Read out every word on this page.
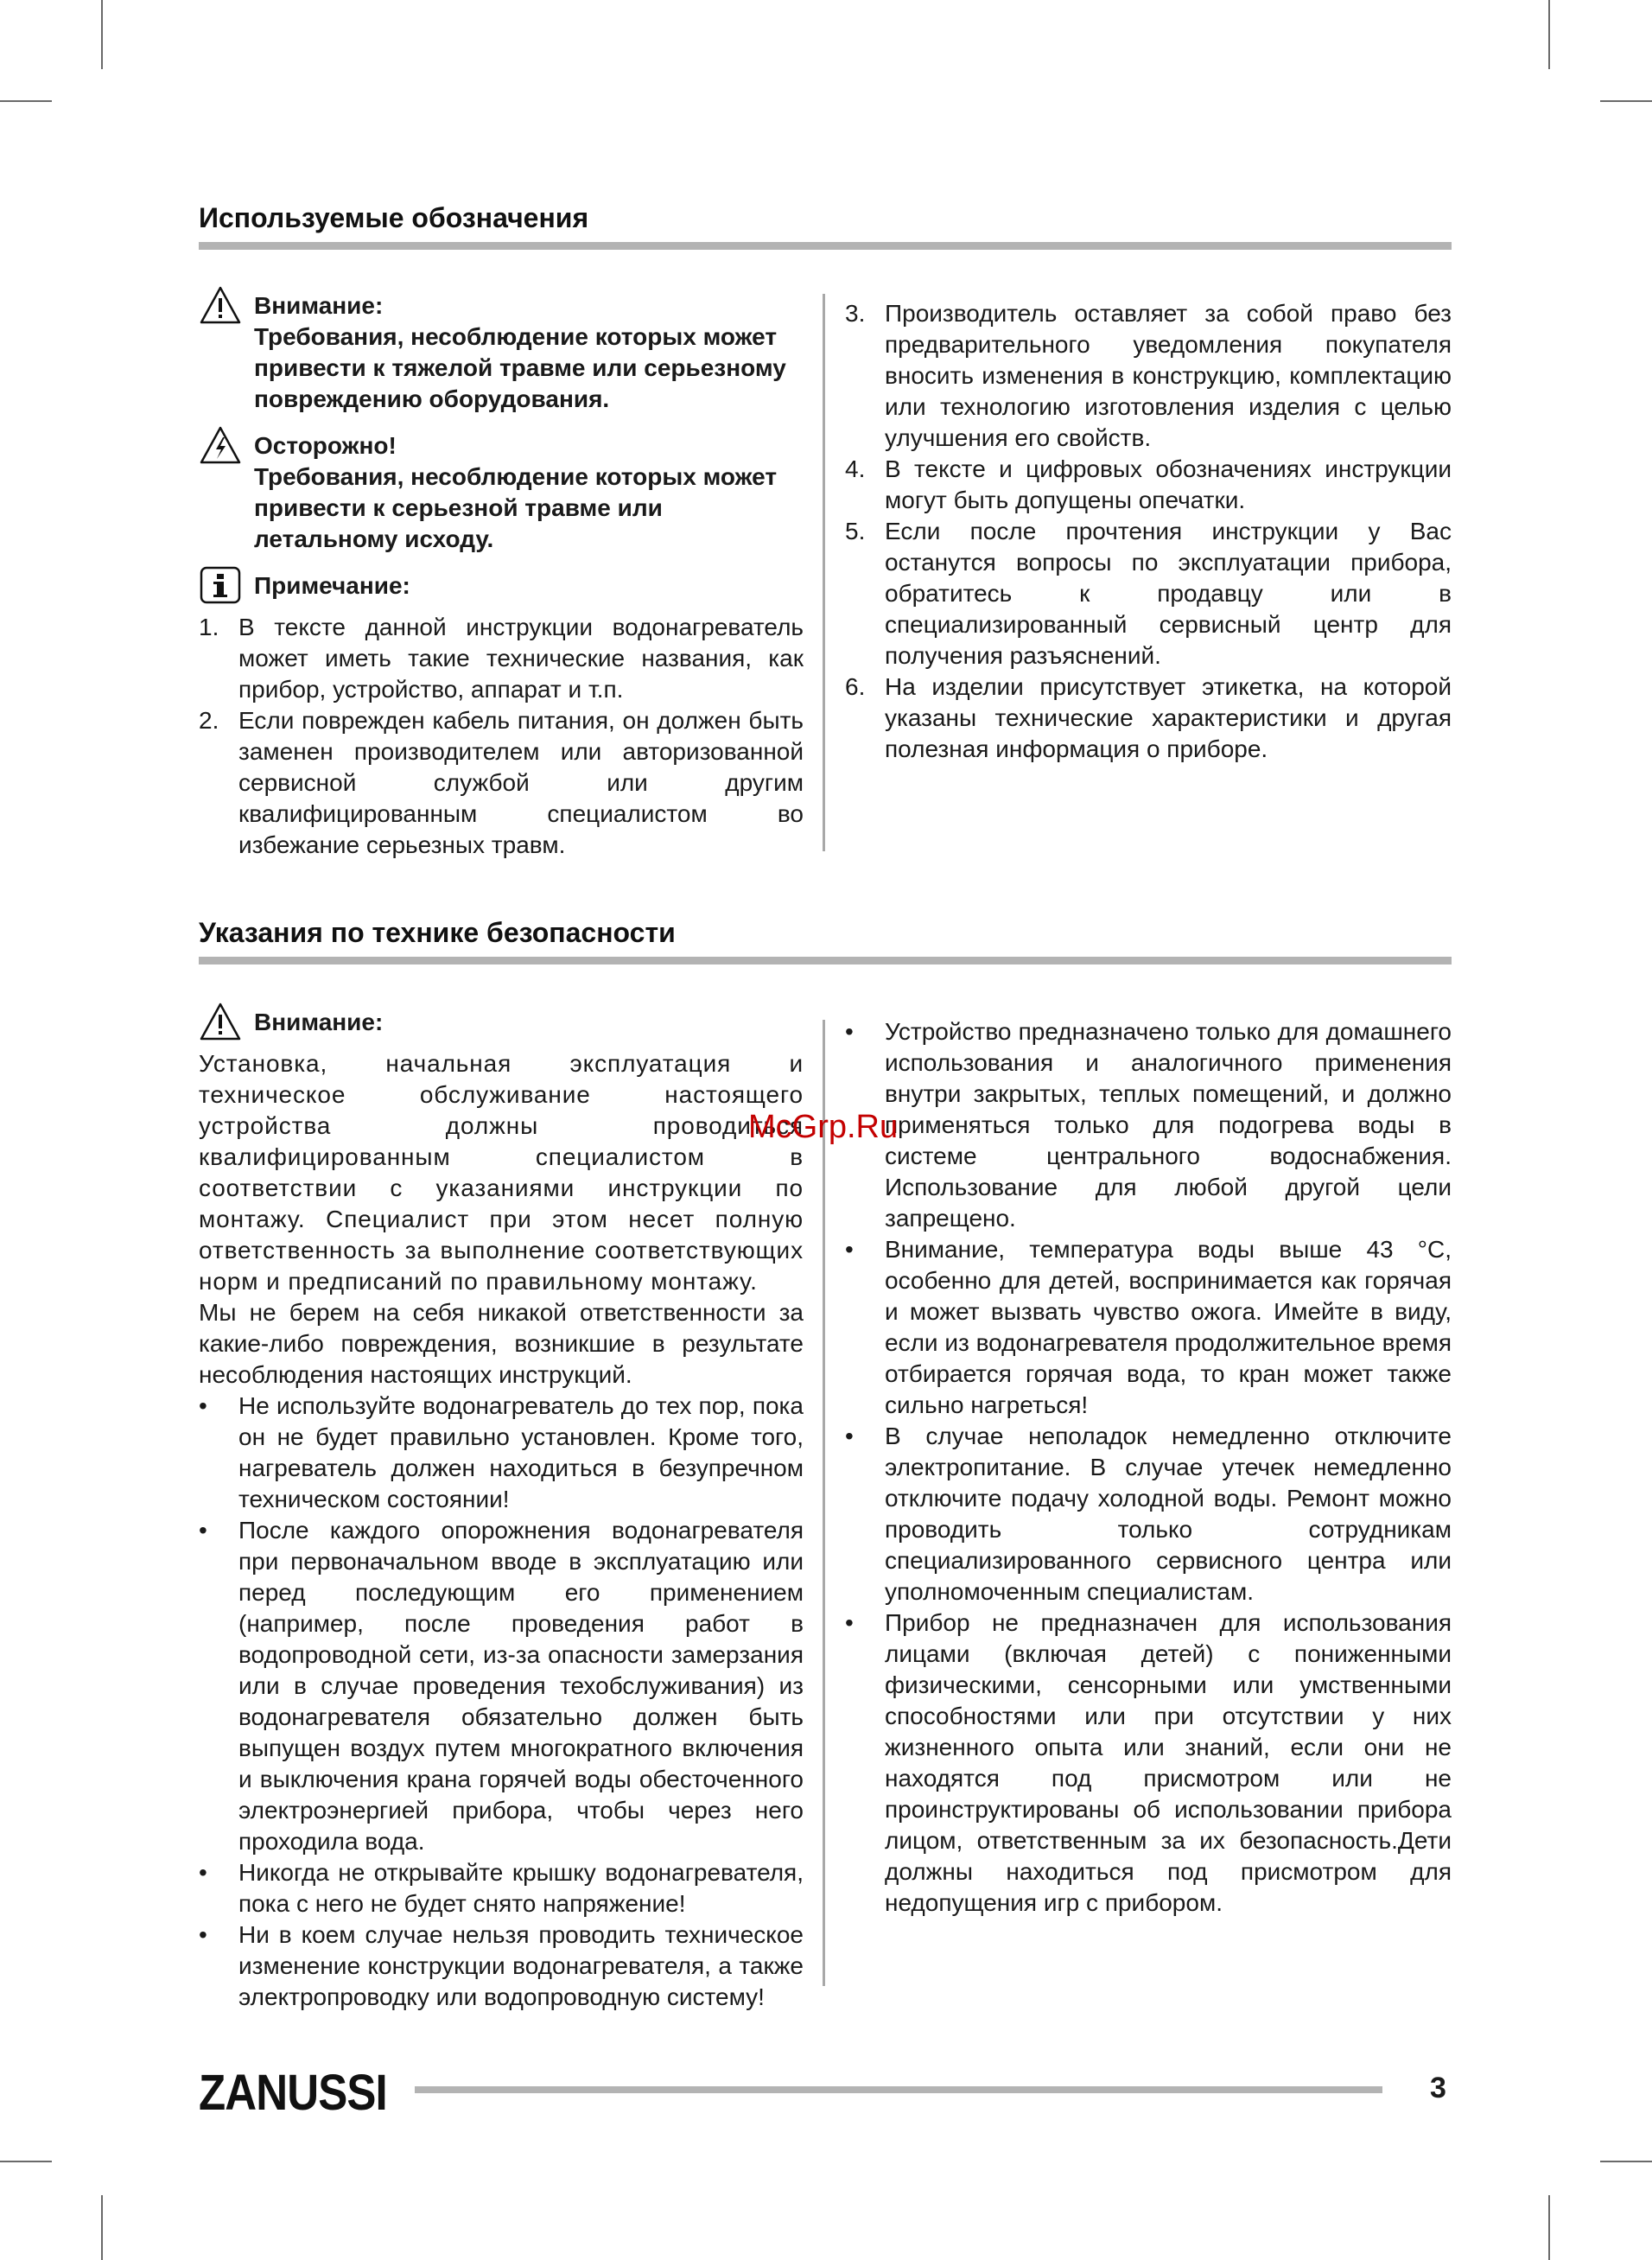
Используемые обозначения
Внимание:
Требования, несоблюдение которых может привести к тяжелой травме или серьезному повреждению оборудования.
Осторожно!
Требования, несоблюдение которых может привести к серьезной травме или летальному исходу.
Примечание:
1. В тексте данной инструкции водонагреватель может иметь такие технические названия, как прибор, устройство, аппарат и т.п.
2. Если поврежден кабель питания, он должен быть заменен производителем или авторизованной сервисной службой или другим квалифицированным специалистом во избежание серьезных травм.
3. Производитель оставляет за собой право без предварительного уведомления покупателя вносить изменения в конструкцию, комплектацию или технологию изготовления изделия с целью улучшения его свойств.
4. В тексте и цифровых обозначениях инструкции могут быть допущены опечатки.
5. Если после прочтения инструкции у Вас останутся вопросы по эксплуатации прибора, обратитесь к продавцу или в специализированный сервисный центр для получения разъяснений.
6. На изделии присутствует этикетка, на которой указаны технические характеристики и другая полезная информация о приборе.
Указания по технике безопасности
Внимание:

Установка, начальная эксплуатация и техническое обслуживание настоящего устройства должны проводиться квалифицированным специалистом в соответствии с указаниями инструкции по монтажу. Специалист при этом несет полную ответственность за выполнение соответствующих норм и предписаний по правильному монтажу.

Мы не берем на себя никакой ответственности за какие-либо повреждения, возникшие в результате несоблюдения настоящих инструкций.

• Не используйте водонагреватель до тех пор, пока он не будет правильно установлен. Кроме того, нагреватель должен находиться в безупречном техническом состоянии!
• После каждого опорожнения водонагревателя при первоначальном вводе в эксплуатацию или перед последующим его применением (например, после проведения работ в водопроводной сети, из-за опасности замерзания или в случае проведения техобслуживания) из водонагревателя обязательно должен быть выпущен воздух путем многократного включения и выключения крана горячей воды обесточенного электроэнергией прибора, чтобы через него проходила вода.
• Никогда не открывайте крышку водонагревателя, пока с него не будет снято напряжение!
• Ни в коем случае нельзя проводить техническое изменение конструкции водонагревателя, а также электропроводку или водопроводную систему!
• Устройство предназначено только для домашнего использования и аналогичного применения внутри закрытых, теплых помещений, и должно применяться только для подогрева воды в системе центрального водоснабжения. Использование для любой другой цели запрещено.
• Внимание, температура воды выше 43 °С, особенно для детей, воспринимается как горячая и может вызвать чувство ожога. Имейте в виду, если из водонагревателя продолжительное время отбирается горячая вода, то кран может также сильно нагреться!
• В случае неполадок немедленно отключите электропитание. В случае утечек немедленно отключите подачу холодной воды. Ремонт можно проводить только сотрудникам специализированного сервисного центра или уполномоченным специалистам.
• Прибор не предназначен для использования лицами (включая детей) с пониженными физическими, сенсорными или умственными способностями или при отсутствии у них жизненного опыта или знаний, если они не находятся под присмотром или не проинструктированы об использовании прибора лицом, ответственным за их безопасность.Дети должны находиться под присмотром для недопущения игр с прибором.
McGrp.Ru
ZANUSSI	3
